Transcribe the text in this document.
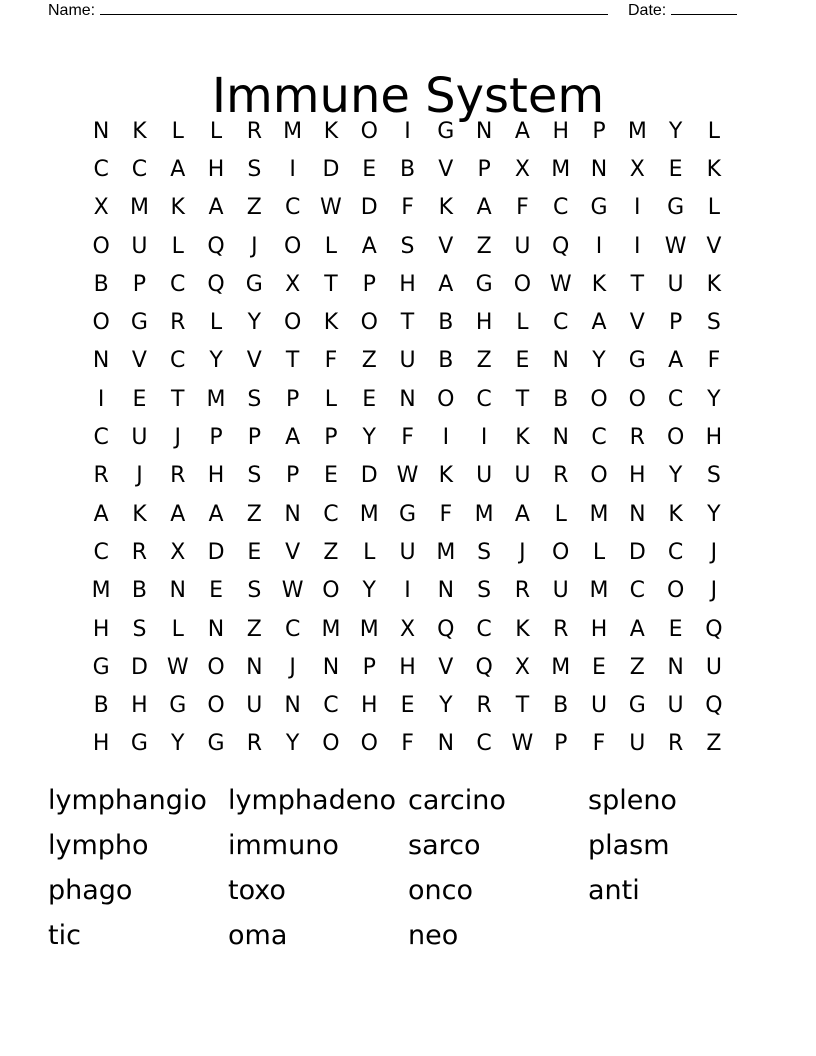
Name:	Date:
Immune System
N	K	L	L	R M K	O	I	G N	A	H	P	M	Y	L
C	C	A	H	S	I	D	E	B	V	P	X M N	X	E	K
X M K	A	Z	C W D	F	K	A	F	C	G	I	G	L
O U	L	Q	J	O	L	A	S	V	Z	U Q	I	I	W V
B	P	C Q G	X	T	P	H	A	G O W K	T	U	K
O G	R	L	Y	O	K	O	T	B	H	L	C	A	V	P	S
N	V	C	Y	V	T	F	Z	U	B	Z	E	N	Y	G	A	F
I	E	T	M S	P	L	E	N O C	T	B	O O C	Y
C	U	J	P	P	A	P	Y	F	I	I	K	N	C	R O H
R	J	R	H	S	P	E	D W K	U	U	R O H	Y	S
A	K	A	A	Z	N	C M G	F	M A	L	M N	K	Y
C	R	X	D	E	V	Z	L	U M S	J	O	L	D	C	J
M B	N	E	S W O	Y	I	N	S	R	U M C O	J
H	S	L	N	Z	C M M X	Q C	K	R	H	A	E	Q
G D W O N	J	N	P	H	V	Q	X M E	Z	N	U
B	H G O U	N	C	H	E	Y	R	T	B	U G U Q
H G	Y	G	R	Y	O O	F	N	C W P	F	U	R	Z
lymphangio lymphadeno carcino	spleno
lympho	immuno	sarco	plasm
phago	toxo	onco	anti
tic	oma	neo
